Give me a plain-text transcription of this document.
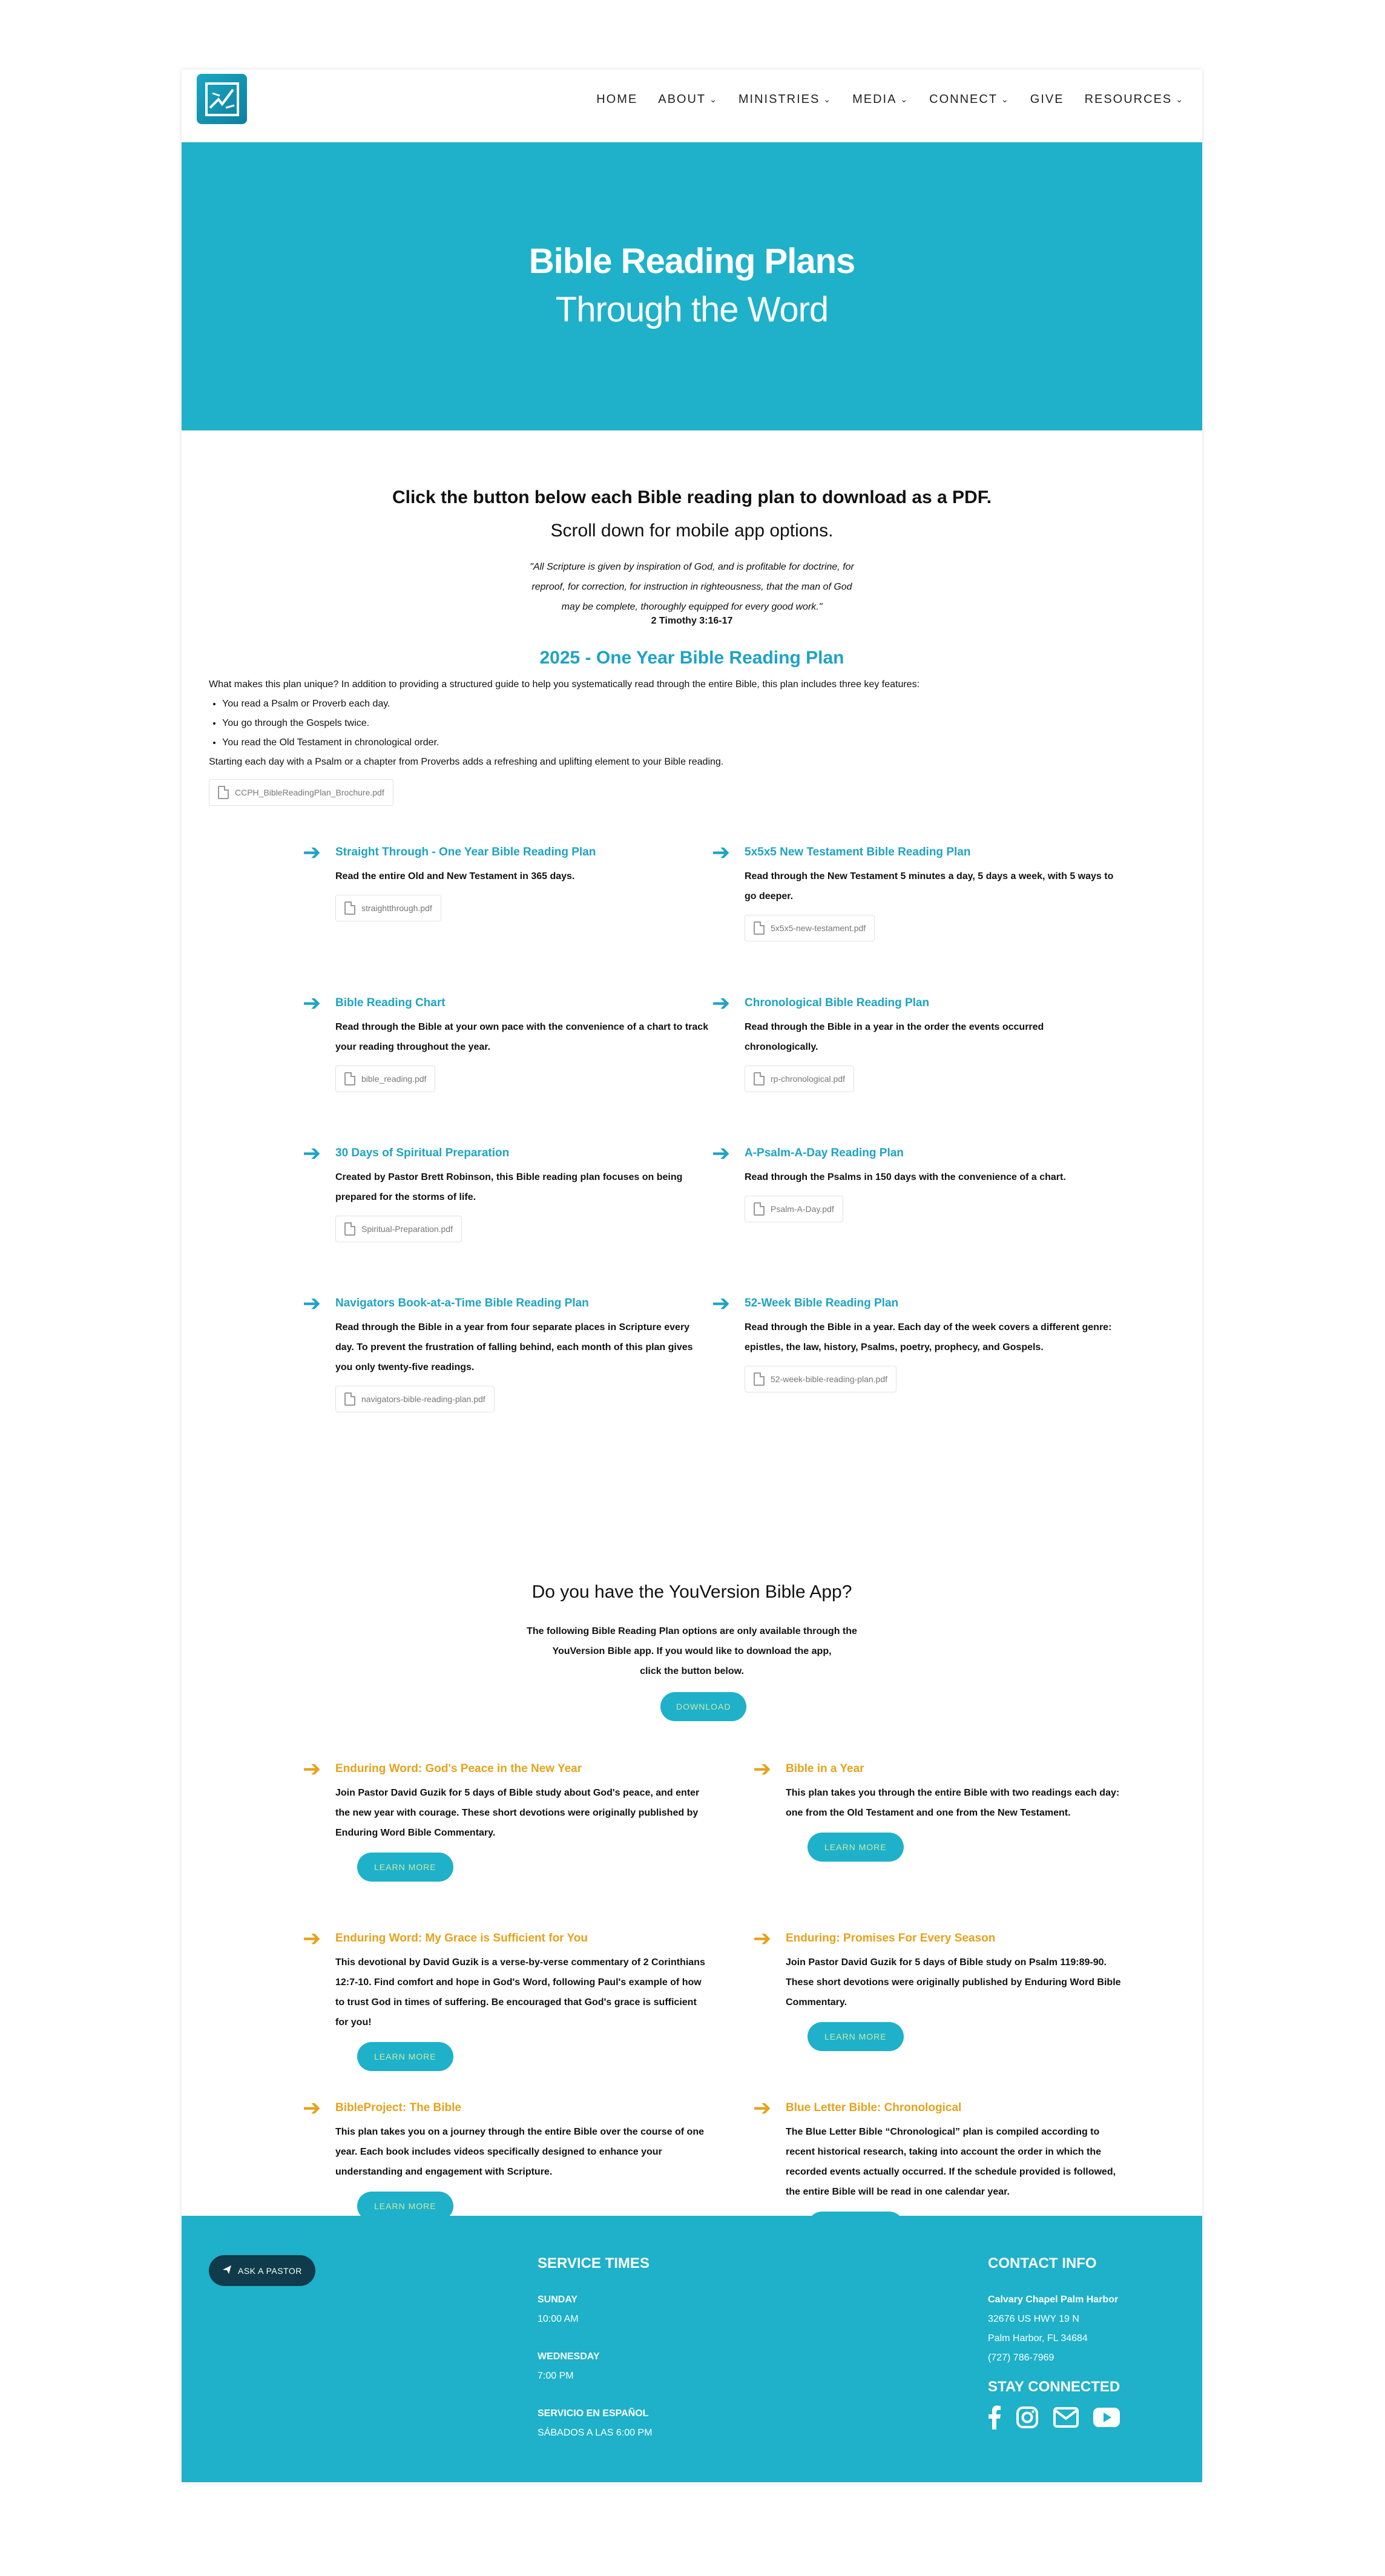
HOME ABOUT ⌄ MINISTRIES ⌄ MEDIA ⌄ CONNECT ⌄ GIVE RESOURCES ⌄
Bible Reading Plans
Through the Word
Click the button below each Bible reading plan to download as a PDF.
Scroll down for mobile app options.
"All Scripture is given by inspiration of God, and is profitable for doctrine, for
reproof, for correction, for instruction in righteousness, that the man of God
may be complete, thoroughly equipped for every good work."
2 Timothy 3:16-17
2025 - One Year Bible Reading Plan
What makes this plan unique? In addition to providing a structured guide to help you systematically read through the entire Bible, this plan includes three key features:
• You read a Psalm or Proverb each day.
• You go through the Gospels twice.
• You read the Old Testament in chronological order.
Starting each day with a Psalm or a chapter from Proverbs adds a refreshing and uplifting element to your Bible reading.
CCPH_BibleReadingPlan_Brochure.pdf
➔	Straight Through - One Year Bible Reading Plan
Read the entire Old and New Testament in 365 days.
straightthrough.pdf
➔	5x5x5 New Testament Bible Reading Plan
Read through the New Testament 5 minutes a day, 5 days a week, with 5 ways to go deeper.
5x5x5-new-testament.pdf
➔	Bible Reading Chart
Read through the Bible at your own pace with the convenience of a chart to track your reading throughout the year.
bible_reading.pdf
➔	Chronological Bible Reading Plan
Read through the Bible in a year in the order the events occurred chronologically.
rp-chronological.pdf
➔	30 Days of Spiritual Preparation
Created by Pastor Brett Robinson, this Bible reading plan focuses on being prepared for the storms of life.
Spiritual-Preparation.pdf
➔	A-Psalm-A-Day Reading Plan
Read through the Psalms in 150 days with the convenience of a chart.
Psalm-A-Day.pdf
➔	Navigators Book-at-a-Time Bible Reading Plan
Read through the Bible in a year from four separate places in Scripture every day. To prevent the frustration of falling behind, each month of this plan gives you only twenty-five readings.
navigators-bible-reading-plan.pdf
➔	52-Week Bible Reading Plan
Read through the Bible in a year. Each day of the week covers a different genre: epistles, the law, history, Psalms, poetry, prophecy, and Gospels.
52-week-bible-reading-plan.pdf
Do you have the YouVersion Bible App?
The following Bible Reading Plan options are only available through the
YouVersion Bible app. If you would like to download the app,
click the button below.
DOWNLOAD
➔	Enduring Word: God's Peace in the New Year
Join Pastor David Guzik for 5 days of Bible study about God's peace, and enter the new year with courage. These short devotions were originally published by Enduring Word Bible Commentary.
LEARN MORE
➔	Bible in a Year
This plan takes you through the entire Bible with two readings each day: one from the Old Testament and one from the New Testament.
LEARN MORE
➔	Enduring Word: My Grace is Sufficient for You
This devotional by David Guzik is a verse-by-verse commentary of 2 Corinthians 12:7-10. Find comfort and hope in God's Word, following Paul's example of how to trust God in times of suffering. Be encouraged that God's grace is sufficient for you!
LEARN MORE
➔	Enduring: Promises For Every Season
Join Pastor David Guzik for 5 days of Bible study on Psalm 119:89-90. These short devotions were originally published by Enduring Word Bible Commentary.
LEARN MORE
➔	BibleProject: The Bible
This plan takes you on a journey through the entire Bible over the course of one year. Each book includes videos specifically designed to enhance your understanding and engagement with Scripture.
LEARN MORE
➔	Blue Letter Bible: Chronological
The Blue Letter Bible “Chronological” plan is compiled according to recent historical research, taking into account the order in which the recorded events actually occurred. If the schedule provided is followed, the entire Bible will be read in one calendar year.
ASK A PASTOR	SERVICE TIMES
SUNDAY
10:00 AM
WEDNESDAY
7:00 PM
SERVICIO EN ESPAÑOL
SÁBADOS A LAS 6:00 PM
CONTACT INFO
Calvary Chapel Palm Harbor
32676 US HWY 19 N
Palm Harbor, FL 34684
(727) 786-7969
STAY CONNECTED
